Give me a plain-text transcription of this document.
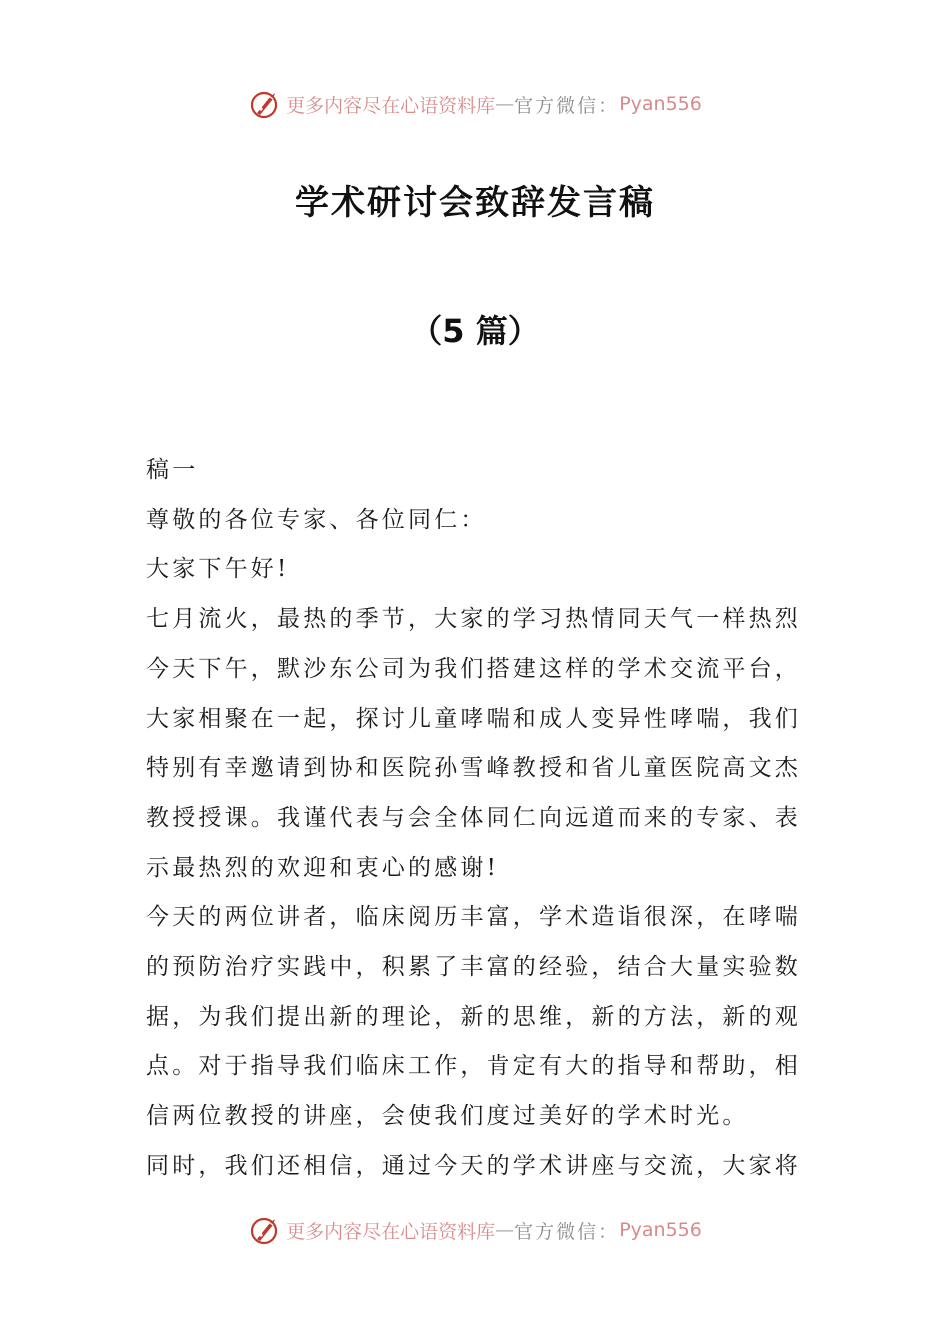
更多内容尽在心语资料库 — 官方微信： Pyan556
学术研讨会致辞发言稿
（5 篇）

稿一

尊敬的各位专家、各位同仁：

大家下午好!

七月流火，最热的季节，大家的学习热情同天气一样热烈

今天下午，默沙东公司为我们搭建这样的学术交流平台，

大家相聚在一起，探讨儿童哮喘和成人变异性哮喘，我们

特别有幸邀请到协和医院孙雪峰教授和省儿童医院高文杰

教授授课。我谨代表与会全体同仁向远道而来的专家、表

示最热烈的欢迎和衷心的感谢!

今天的两位讲者，临床阅历丰富，学术造诣很深，在哮喘

的预防治疗实践中，积累了丰富的经验，结合大量实验数

据，为我们提出新的理论，新的思维，新的方法，新的观

点。对于指导我们临床工作，肯定有大的指导和帮助，相

信两位教授的讲座，会使我们度过美好的学术时光。

同时，我们还相信，通过今天的学术讲座与交流，大家将

更多内容尽在心语资料库 — 官方微信： Pyan556
